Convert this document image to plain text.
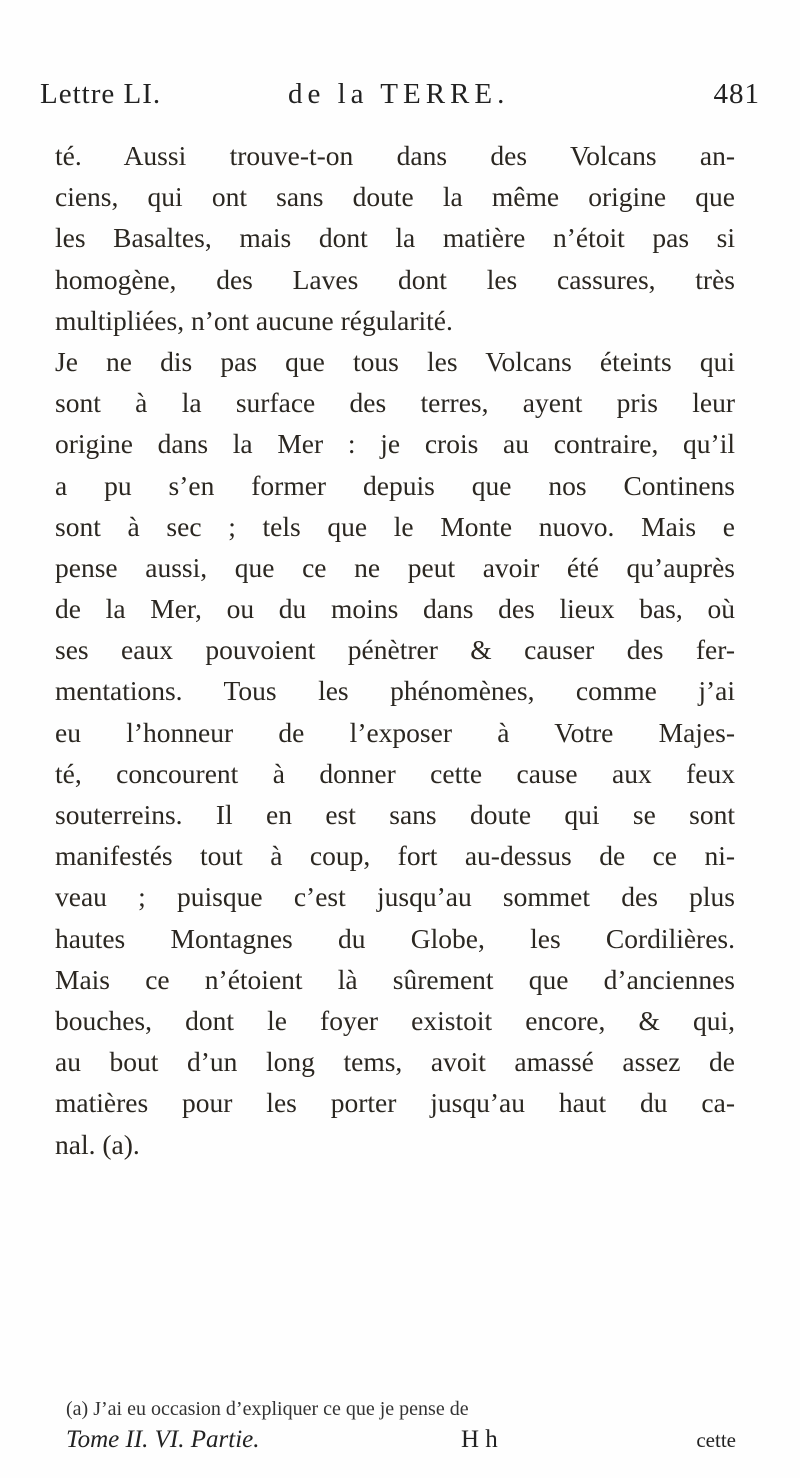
Lettre LI.	de la TERRE.	481
té. Aussi trouve-t-on dans des Volcans an-
ciens, qui ont sans doute la même origine que
les Basaltes, mais dont la matière n’étoit pas si
homogène, des Laves dont les cassures, très
multipliées, n’ont aucune régularité.
Je ne dis pas que tous les Volcans éteints qui
sont à la surface des terres, ayent pris leur
origine dans la Mer : je crois au contraire, qu’il
a pu s’en former depuis que nos Continens
sont à sec ; tels que le Monte nuovo. Mais e
pense aussi, que ce ne peut avoir été qu’auprès
de la Mer, ou du moins dans des lieux bas, où
ses eaux pouvoient pénètrer & causer des fer-
mentations. Tous les phénomènes, comme j’ai
eu l’honneur de l’exposer à Votre Majes-
té, concourent à donner cette cause aux feux
souterreins. Il en est sans doute qui se sont
manifestés tout à coup, fort au-dessus de ce ni-
veau ; puisque c’est jusqu’au sommet des plus
hautes Montagnes du Globe, les Cordilières.
Mais ce n’étoient là sûrement que d’anciennes
bouches, dont le foyer existoit encore, & qui,
au bout d’un long tems, avoit amassé assez de
matières pour les porter jusqu’au haut du ca-
nal. (a).
(a) J’ai eu occasion d’expliquer ce que je pense de
Tome II. VI. Partie.	H h	cette
